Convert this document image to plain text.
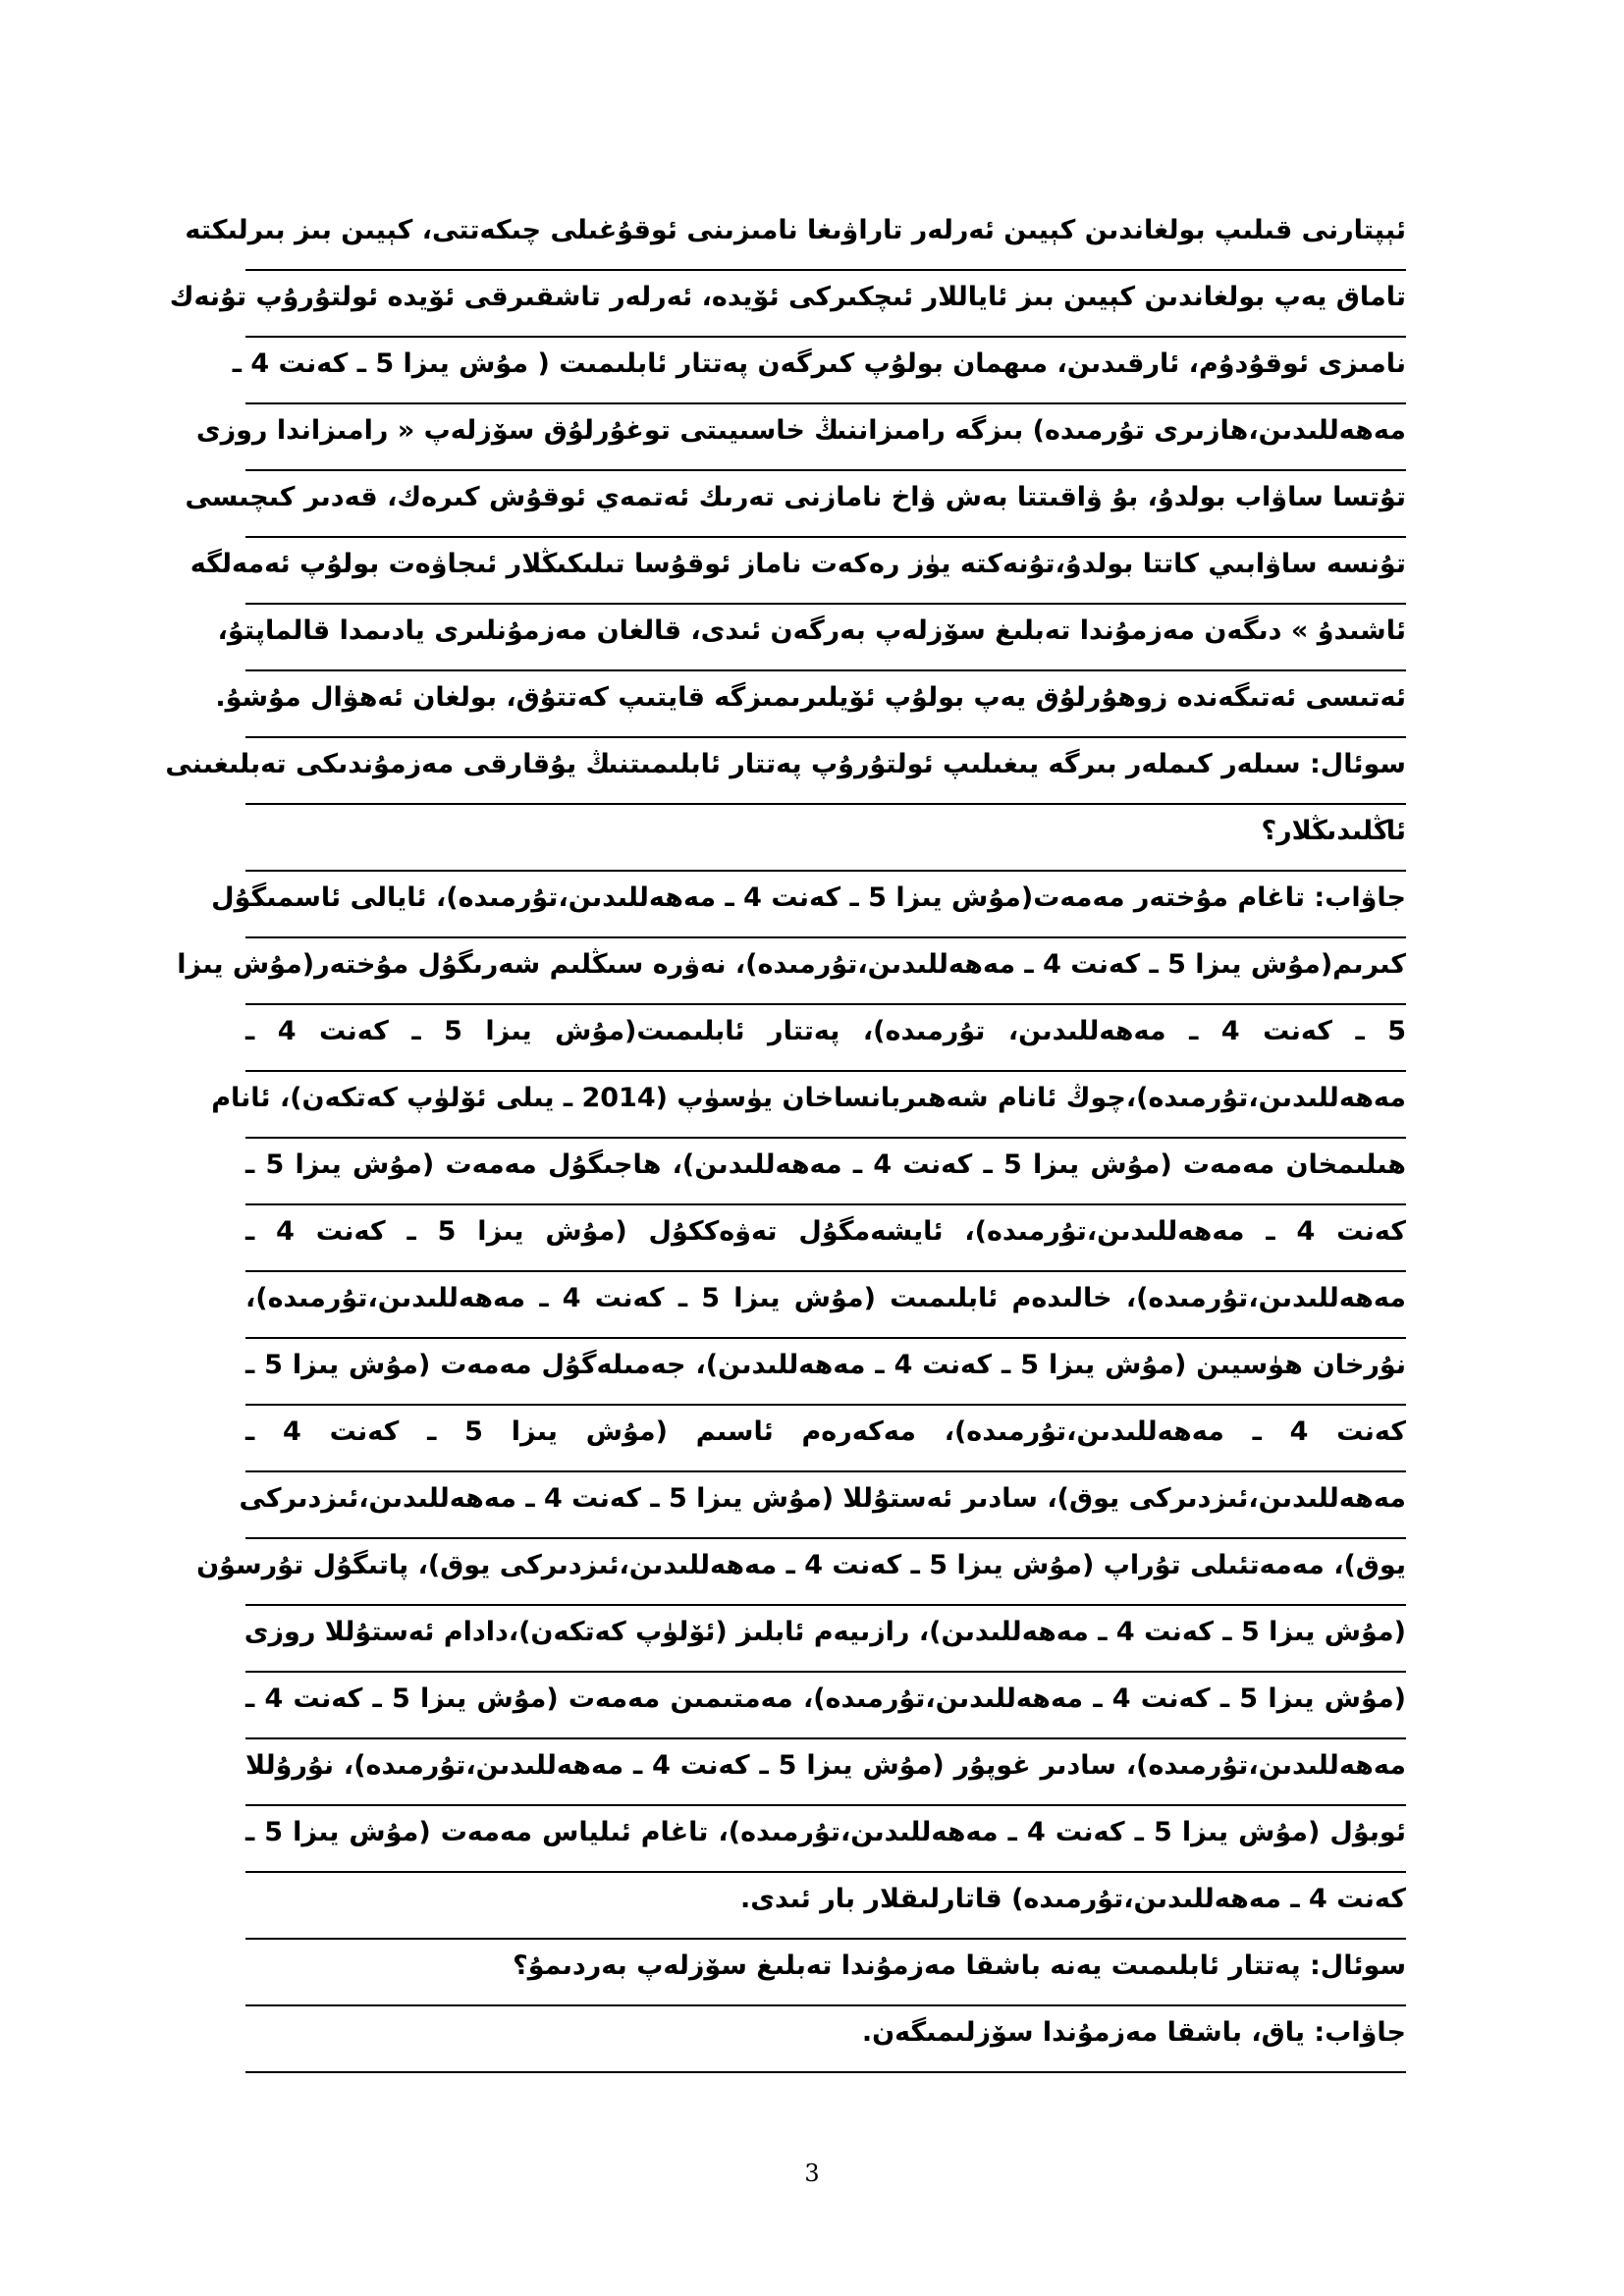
ئېپتارنى قىلىپ بولغاندىن كېيىن ئەرلەر تاراۋىغا نامىزىنى ئوقۇغىلى چىكەتتى، كېيىن بىز بىرلىكتە
تاماق يەپ بولغاندىن كېيىن بىز ئاياللار ئىچكىركى ئۆيدە، ئەرلەر تاشقىرقى ئۆيدە ئولتۇرۇپ تۇنەك
نامىزى ئوقۇدۇم، ئارقىدىن، مىھمان بولۇپ كىرگەن پەتتار ئابلىمىت ( مۇش يىزا 5 ـ كەنت 4 ـ
مەھەللىدىن،ھازىرى تۇرمىدە) بىزگە رامىزاننىڭ خاسىيىتى توغۇرلۇق سۆزلەپ « رامىزاندا روزى
تۇتسا ساۋاب بولدۇ، بۇ ۋاقىتتا بەش ۋاخ نامازنى تەرىك ئەتمەي ئوقۇش كىرەك، قەدىر كىچىسى
تۇنسە ساۋابىي كاتتا بولدۇ،تۇنەكتە يۈز رەكەت ناماز ئوقۇسا تىلىكىڭلار ئىجاۋەت بولۇپ ئەمەلگە
ئاشىدۇ » دىگەن مەزمۇندا تەبلىغ سۆزلەپ بەرگەن ئىدى، قالغان مەزمۇنلىرى يادىمدا قالماپتۇ،
ئەتىسى ئەتىگەندە زوھۇرلۇق يەپ بولۇپ ئۆيلىرىمىزگە قايتىپ كەتتۇق، بولغان ئەھۋال مۇشۇ.
سوئال: سىلەر كىملەر بىرگە يىغىلىپ ئولتۇرۇپ پەتتار ئابلىمىتنىڭ يۇقارقى مەزمۇندىكى تەبلىغىنى
ئاڭلىدىڭلار؟
جاۋاب: تاغام مۇختەر مەمەت(مۇش يىزا 5 ـ كەنت 4 ـ مەھەللىدىن،تۇرمىدە)، ئايالى ئاسمىگۇل
كىرىم(مۇش يىزا 5 ـ كەنت 4 ـ مەھەللىدىن،تۇرمىدە)، نەۋرە سىڭلىم شەرىگۇل مۇختەر(مۇش يىزا
5 ـ كەنت 4 ـ مەھەللىدىن، تۇرمىدە)، پەتتار ئابلىمىت(مۇش يىزا 5 ـ كەنت 4 ـ
مەھەللىدىن،تۇرمىدە)،چوڭ ئانام شەھىربانساخان يۈسۈپ (2014 ـ يىلى ئۆلۈپ كەتكەن)، ئانام
ھىلىمخان مەمەت (مۇش يىزا 5 ـ كەنت 4 ـ مەھەللىدىن)، ھاجىگۇل مەمەت (مۇش يىزا 5 ـ
كەنت 4 ـ مەھەللىدىن،تۇرمىدە)، ئايشەمگۇل تەۋەككۇل (مۇش يىزا 5 ـ كەنت 4 ـ
مەھەللىدىن،تۇرمىدە)، خالىدەم ئابلىمىت (مۇش يىزا 5 ـ كەنت 4 ـ مەھەللىدىن،تۇرمىدە)،
نۇرخان ھۈسيىن (مۇش يىزا 5 ـ كەنت 4 ـ مەھەللىدىن)، جەمىلەگۇل مەمەت (مۇش يىزا 5 ـ
كەنت 4 ـ مەھەللىدىن،تۇرمىدە)، مەكەرەم ئاسىم (مۇش يىزا 5 ـ كەنت 4 ـ
مەھەللىدىن،ئىزدىركى يوق)، سادىر ئەستۇللا (مۇش يىزا 5 ـ كەنت 4 ـ مەھەللىدىن،ئىزدىركى
يوق)، مەمەتئىلى تۇراپ (مۇش يىزا 5 ـ كەنت 4 ـ مەھەللىدىن،ئىزدىركى يوق)، پاتىگۇل تۇرسۇن
(مۇش يىزا 5 ـ كەنت 4 ـ مەھەللىدىن)، رازىيەم ئابلىز (ئۆلۈپ كەتكەن)،دادام ئەستۇللا روزى
(مۇش يىزا 5 ـ كەنت 4 ـ مەھەللىدىن،تۇرمىدە)، مەمتىمىن مەمەت (مۇش يىزا 5 ـ كەنت 4 ـ
مەھەللىدىن،تۇرمىدە)، سادىر غوپۇر (مۇش يىزا 5 ـ كەنت 4 ـ مەھەللىدىن،تۇرمىدە)، نۇرۇللا
ئوبۇل (مۇش يىزا 5 ـ كەنت 4 ـ مەھەللىدىن،تۇرمىدە)، تاغام ئىلياس مەمەت (مۇش يىزا 5 ـ
كەنت 4 ـ مەھەللىدىن،تۇرمىدە) قاتارلىقلار بار ئىدى.
سوئال: پەتتار ئابلىمىت يەنە باشقا مەزمۇندا تەبلىغ سۆزلەپ بەردىمۇ؟
جاۋاب: ياق، باشقا مەزمۇندا سۆزلىمىگەن.
3
